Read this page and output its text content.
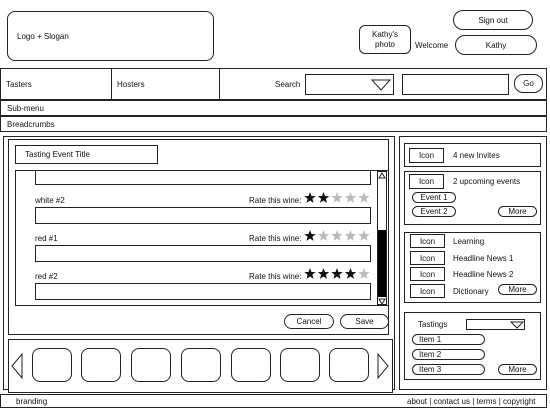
Logo + Slogan	Kathy's
photo Welcome
Sign out
Kathy
Tasters	Hosters	Search	Go
Sub-menu
Breadcrumbs
Tasting Event Title
white #2	Rate this wine:
red #1	Rate this wine:
red #2	Rate this wine:
Cancel	Save
Icon 4 new Invites
Icon 2 upcoming events
Event 1
Event 2	More
Icon Learning
Icon Headline News 1
Icon Headline News 2
Icon Dictionary More
Tastings
Item 1
Item 2
Item 3	More
branding	about | contact us | terms | copyright
